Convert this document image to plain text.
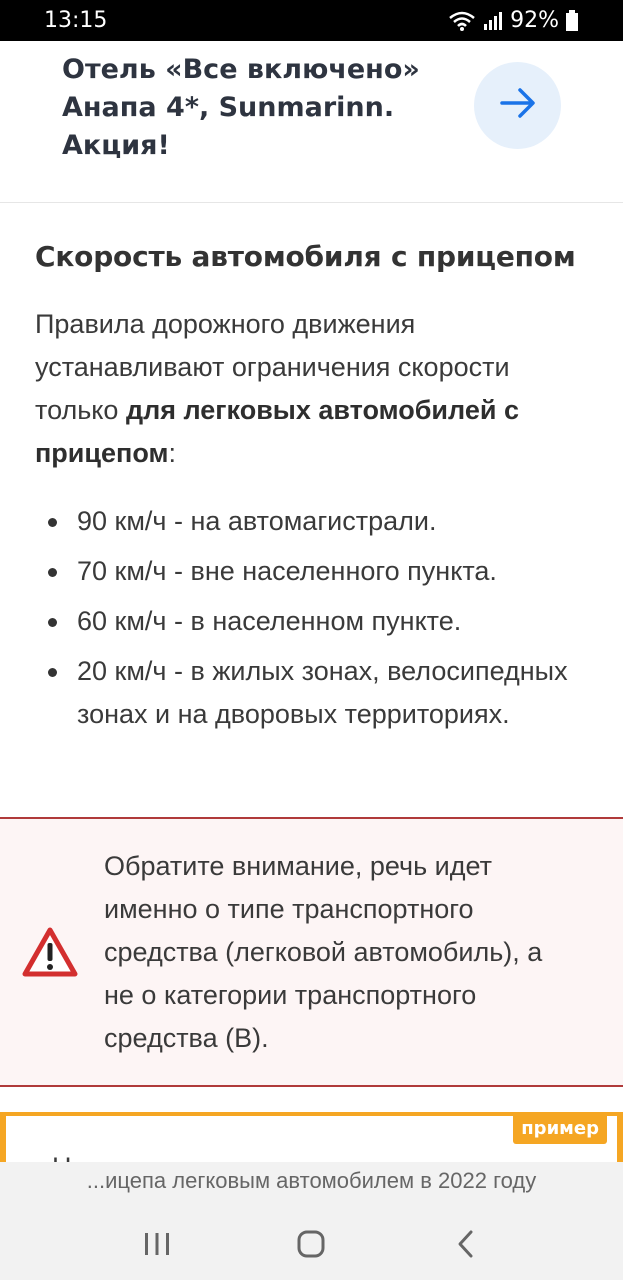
13:15	92%
Отель «Все включено» Анапа 4*, Sunmarinn. Акция!
Скорость автомобиля с прицепом

Правила дорожного движения устанавливают ограничения скорости только для легковых автомобилей с прицепом:

90 км/ч - на автомагистрали.
70 км/ч - вне населенного пункта.
60 км/ч - в населенном пункте.
20 км/ч - в жилых зонах, велосипедных зонах и на дворовых территориях.

Обратите внимание, речь идет именно о типе транспортного средства (легковой автомобиль), а не о категории транспортного средства (B).

пример
...ицепа легковым автомобилем в 2022 году
